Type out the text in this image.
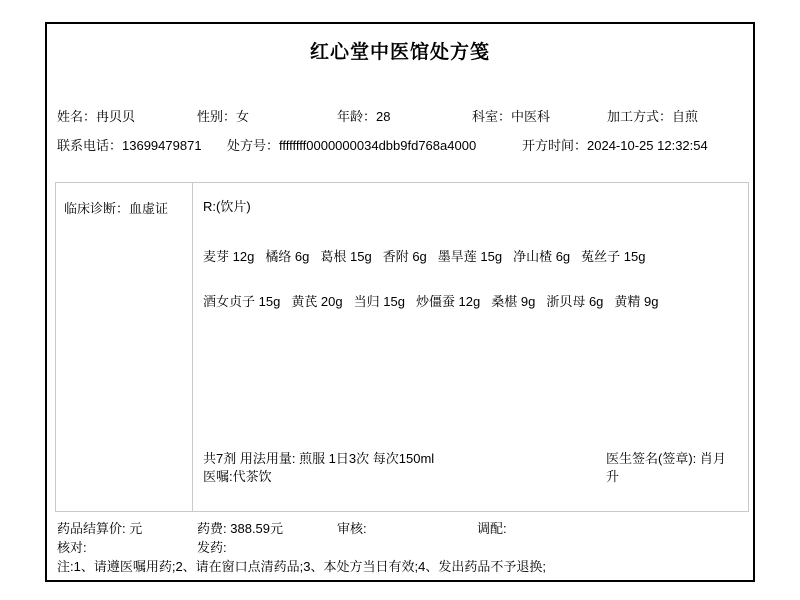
红心堂中医馆处方笺
姓名：冉贝贝	性别：女	年龄：28	科室：中医科	加工方式：自煎
联系电话：13699479871	处方号：ffffffff0000000034dbb9fd768a4000	开方时间：2024-10-25 12:32:54
临床诊断：血虚证	R:(饮片)
麦芽 12g 橘络 6g 葛根 15g 香附 6g 墨旱莲 15g 净山楂 6g 菟丝子 15g
酒女贞子 15g 黄芪 20g 当归 15g 炒僵蚕 12g 桑椹 9g 浙贝母 6g 黄精 9g
共7剂 用法用量: 煎服 1日3次 每次150ml
医嘱:代茶饮
医生签名(签章): 肖月升
药品结算价: 元	药费: 388.59元	审核:	调配:
核对:	发药:
注:1、请遵医嘱用药;2、请在窗口点清药品;3、本处方当日有效;4、发出药品不予退换;
